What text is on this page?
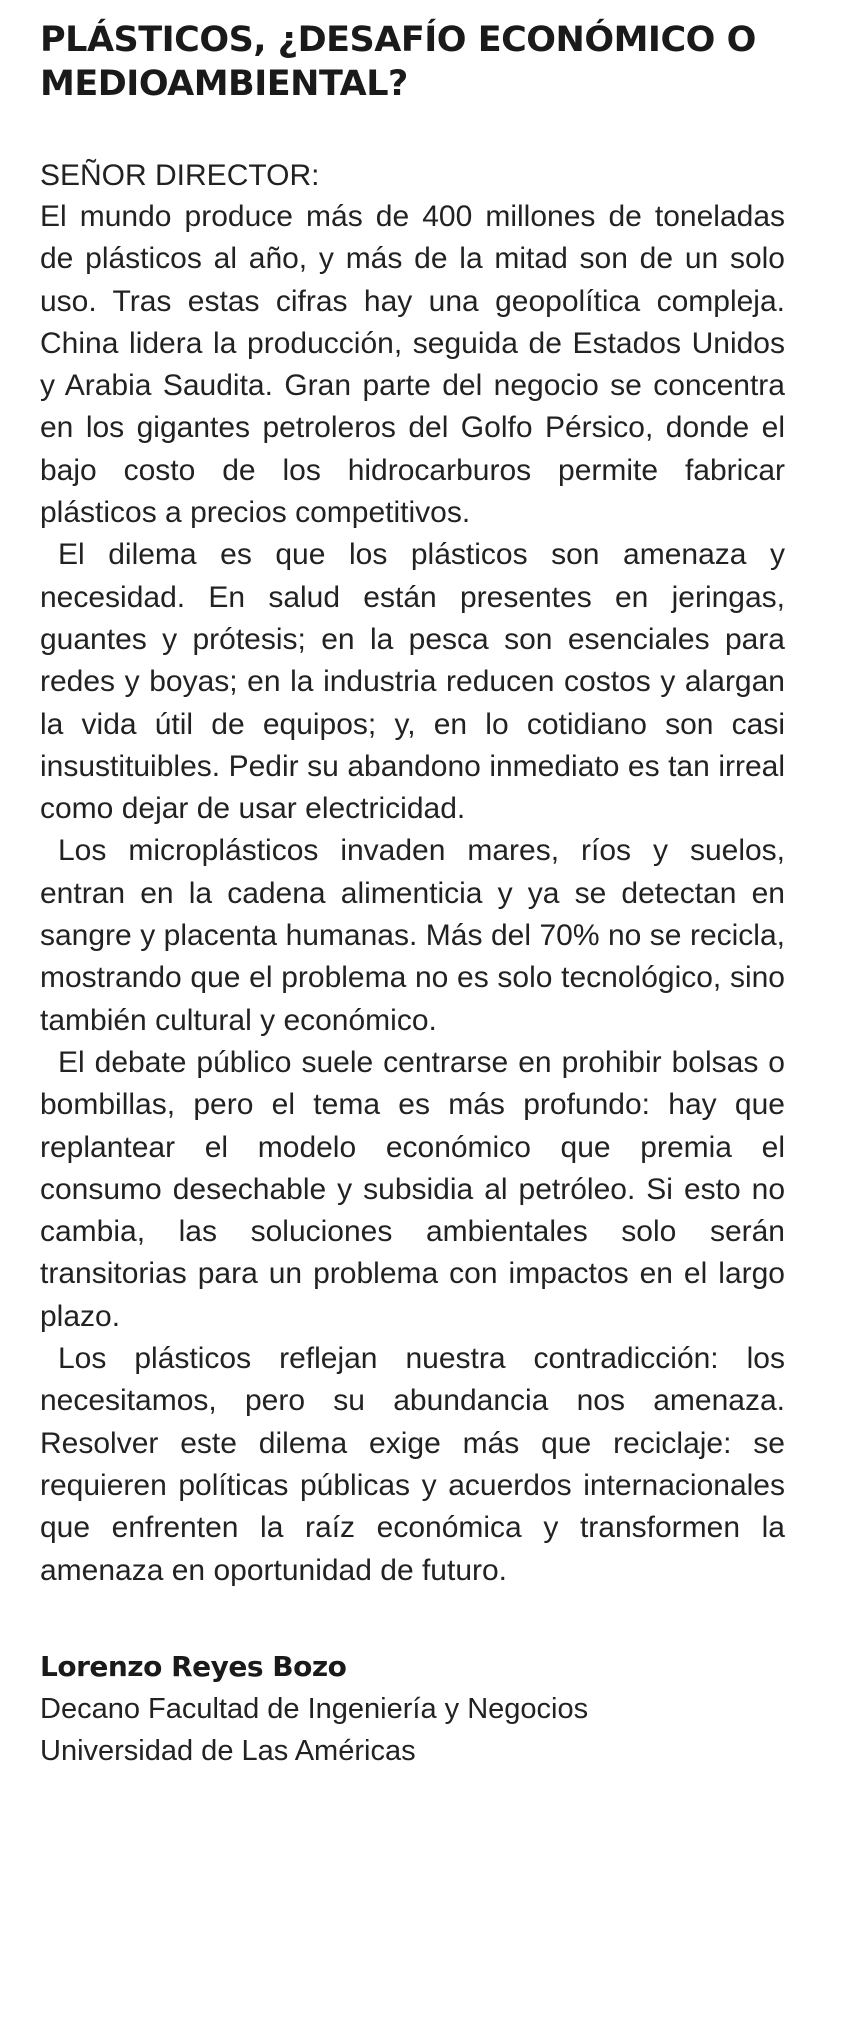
PLÁSTICOS, ¿DESAFÍO ECONÓMICO O MEDIOAMBIENTAL?

SEÑOR DIRECTOR:

El mundo produce más de 400 millones de toneladas de plásticos al año, y más de la mitad son de un solo uso. Tras estas cifras hay una geopolítica compleja. China lidera la producción, seguida de Estados Unidos y Arabia Saudita. Gran parte del negocio se concentra en los gigantes petroleros del Golfo Pérsico, donde el bajo costo de los hidrocarburos permite fabricar plásticos a precios competitivos.

El dilema es que los plásticos son amenaza y necesidad. En salud están presentes en jeringas, guantes y prótesis; en la pesca son esenciales para redes y boyas; en la industria reducen costos y alargan la vida útil de equipos; y, en lo cotidiano son casi insustituibles. Pedir su abandono inmediato es tan irreal como dejar de usar electricidad.

Los microplásticos invaden mares, ríos y suelos, entran en la cadena alimenticia y ya se detectan en sangre y placenta humanas. Más del 70% no se recicla, mostrando que el problema no es solo tecnológico, sino también cultural y económico.

El debate público suele centrarse en prohibir bolsas o bombillas, pero el tema es más profundo: hay que replantear el modelo económico que premia el consumo desechable y subsidia al petróleo. Si esto no cambia, las soluciones ambientales solo serán transitorias para un problema con impactos en el largo plazo.

Los plásticos reflejan nuestra contradicción: los necesitamos, pero su abundancia nos amenaza. Resolver este dilema exige más que reciclaje: se requieren políticas públicas y acuerdos internacionales que enfrenten la raíz económica y transformen la amenaza en oportunidad de futuro.

Lorenzo Reyes Bozo

Decano Facultad de Ingeniería y Negocios

Universidad de Las Américas
